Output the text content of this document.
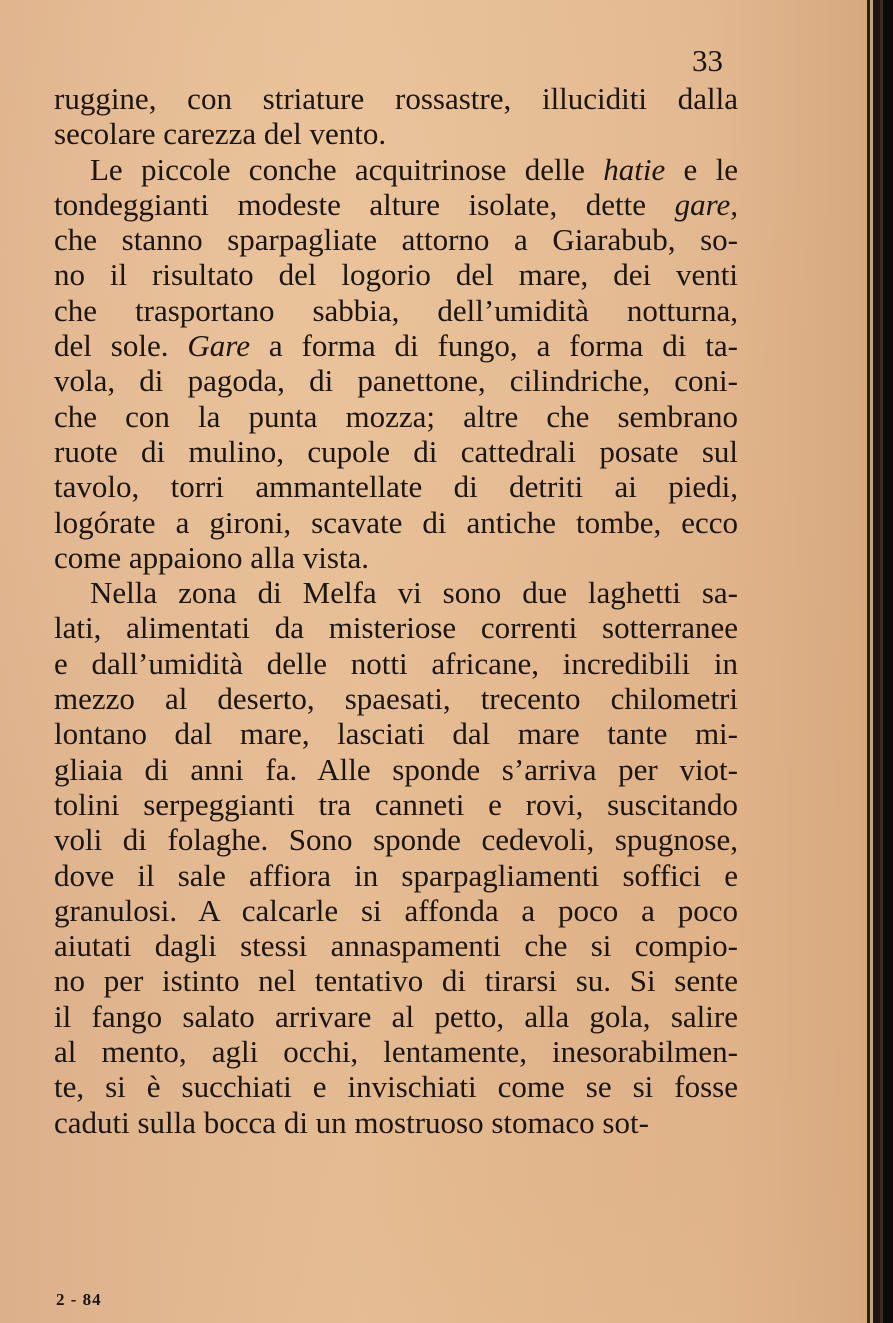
33
ruggine, con striature rossastre, illuciditi dalla
secolare carezza del vento.
Le piccole conche acquitrinose delle hatie e le
tondeggianti modeste alture isolate, dette gare,
che stanno sparpagliate attorno a Giarabub, so-
no il risultato del logorio del mare, dei venti
che trasportano sabbia, dell’umidità notturna,
del sole. Gare a forma di fungo, a forma di ta-
vola, di pagoda, di panettone, cilindriche, coni-
che con la punta mozza; altre che sembrano
ruote di mulino, cupole di cattedrali posate sul
tavolo, torri ammantellate di detriti ai piedi,
logórate a gironi, scavate di antiche tombe, ecco
come appaiono alla vista.
Nella zona di Melfa vi sono due laghetti sa-
lati, alimentati da misteriose correnti sotterranee
e dall’umidità delle notti africane, incredibili in
mezzo al deserto, spaesati, trecento chilometri
lontano dal mare, lasciati dal mare tante mi-
gliaia di anni fa. Alle sponde s’arriva per viot-
tolini serpeggianti tra canneti e rovi, suscitando
voli di folaghe. Sono sponde cedevoli, spugnose,
dove il sale affiora in sparpagliamenti soffici e
granulosi. A calcarle si affonda a poco a poco
aiutati dagli stessi annaspamenti che si compio-
no per istinto nel tentativo di tirarsi su. Si sente
il fango salato arrivare al petto, alla gola, salire
al mento, agli occhi, lentamente, inesorabilmen-
te, si è succhiati e invischiati come se si fosse
caduti sulla bocca di un mostruoso stomaco sot-
2 - 84
